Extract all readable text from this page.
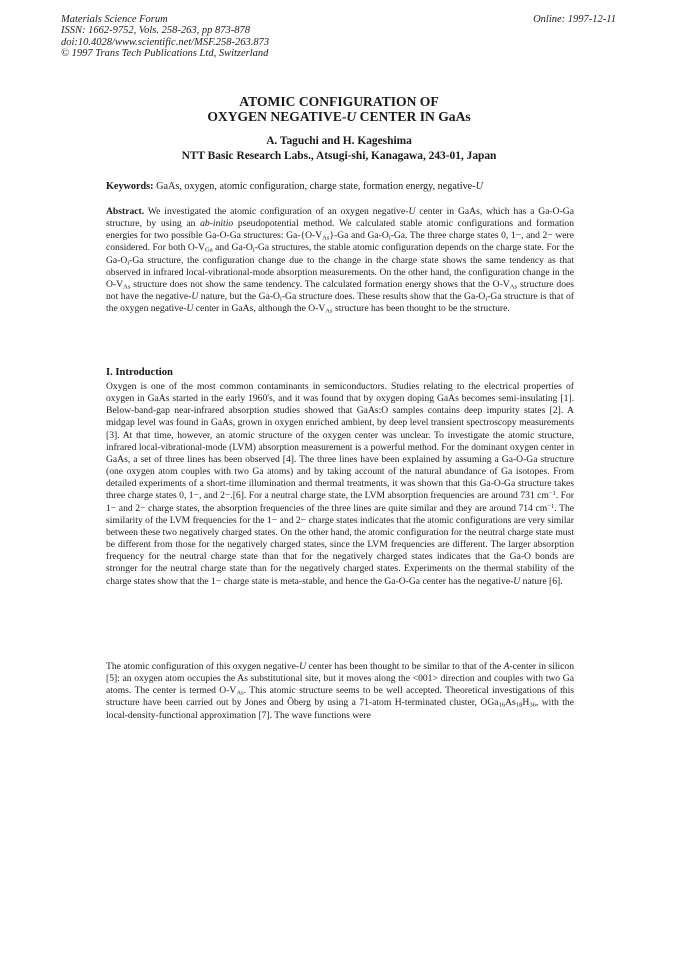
Materials Science Forum
ISSN: 1662-9752, Vols. 258-263, pp 873-878
doi:10.4028/www.scientific.net/MSF.258-263.873
© 1997 Trans Tech Publications Ltd, Switzerland
Online: 1997-12-11
ATOMIC CONFIGURATION OF
OXYGEN NEGATIVE-U CENTER IN GaAs
A. Taguchi and H. Kageshima
NTT Basic Research Labs., Atsugi-shi, Kanagawa, 243-01, Japan
Keywords: GaAs, oxygen, atomic configuration, charge state, formation energy, negative-U
Abstract. We investigated the atomic configuration of an oxygen negative-U center in GaAs, which has a Ga-O-Ga structure, by using an ab-initio pseudopotential method. We calculated stable atomic configurations and formation energies for two possible Ga-O-Ga structures: $Ga-\{O-V_{As}\}-Ga$ and $Ga-O_i-Ga$. The three charge states 0, 1−, and 2− were considered. For both $O-V_{Ga}$ and $Ga-O_i-Ga$ structures, the stable atomic configuration depends on the charge state. For the $Ga-O_i-Ga$ structure, the configuration change due to the change in the charge state shows the same tendency as that observed in infrared local-vibrational-mode absorption measurements. On the other hand, the configuration change in the $O-V_{As}$ structure does not show the same tendency. The calculated formation energy shows that the $O-V_{As}$ structure does not have the negative-U nature, but the $Ga-O_i-Ga$ structure does. These results show that the $Ga-O_i-Ga$ structure is that of the oxygen negative-U center in GaAs, although the $O-V_{As}$ structure has been thought to be the structure.
I. Introduction
Oxygen is one of the most common contaminants in semiconductors. Studies relating to the electrical properties of oxygen in GaAs started in the early 1960's, and it was found that by oxygen doping GaAs becomes semi-insulating [1]. Below-band-gap near-infrared absorption studies showed that GaAs:O samples contains deep impurity states [2]. A midgap level was found in GaAs, grown in oxygen enriched ambient, by deep level transient spectroscopy measurements [3]. At that time, however, an atomic structure of the oxygen center was unclear. To investigate the atomic structure, infrared local-vibrational-mode (LVM) absorption measurement is a powerful method. For the dominant oxygen center in GaAs, a set of three lines has been observed [4]. The three lines have been explained by assuming a Ga-O-Ga structure (one oxygen atom couples with two Ga atoms) and by taking account of the natural abundance of Ga isotopes. From detailed experiments of a short-time illumination and thermal treatments, it was shown that this Ga-O-Ga structure takes three charge states 0, 1−, and 2−.[6]. For a neutral charge state, the LVM absorption frequencies are around 731 $cm^{-1}$. For 1− and 2− charge states, the absorption frequencies of the three lines are quite similar and they are around 714 $cm^{-1}$. The similarity of the LVM frequencies for the 1− and 2− charge states indicates that the atomic configurations are very similar between these two negatively charged states. On the other hand, the atomic configuration for the neutral charge state must be different from those for the negatively charged states, since the LVM frequencies are different. The larger absorption frequency for the neutral charge state than that for the negatively charged states indicates that the Ga-O bonds are stronger for the neutral charge state than for the negatively charged states. Experiments on the thermal stability of the charge states show that the 1− charge state is meta-stable, and hence the Ga-O-Ga center has the negative-U nature [6].
The atomic configuration of this oxygen negative-U center has been thought to be similar to that of the A-center in silicon [5]: an oxygen atom occupies the As substitutional site, but it moves along the <001> direction and couples with two Ga atoms. The center is termed $O-V_{As}$. This atomic structure seems to be well accepted. Theoretical investigations of this structure have been carried out by Jones and Öberg by using a 71-atom H-terminated cluster, $OGa_{16}As_{18}H_{36}$, with the local-density-functional approximation [7]. The wave functions were
